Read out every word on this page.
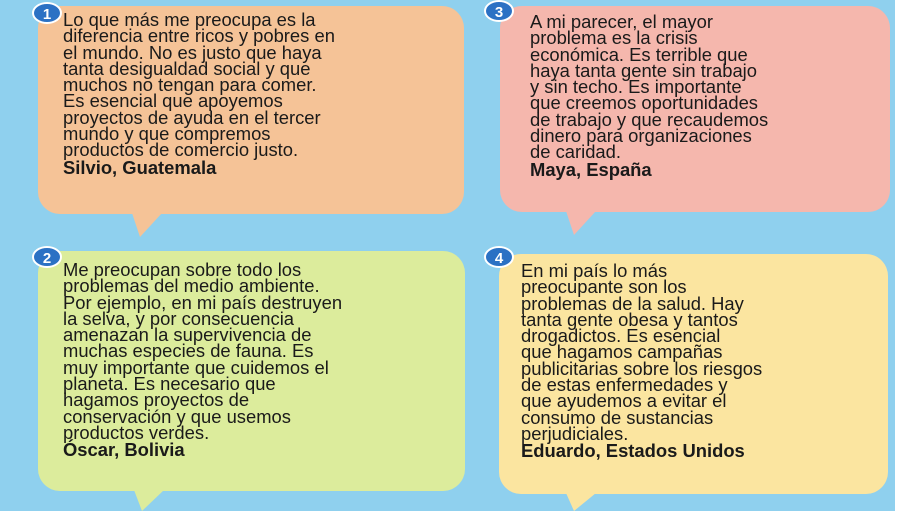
Lo que más me preocupa es la
diferencia entre ricos y pobres en
el mundo. No es justo que haya
tanta desigualdad social y que
muchos no tengan para comer.
Es esencial que apoyemos
proyectos de ayuda en el tercer
mundo y que compremos
productos de comercio justo.
Silvio, Guatemala
1	A mi parecer, el mayor
problema es la crisis
económica. Es terrible que
haya tanta gente sin trabajo
y sin techo. Es importante
que creemos oportunidades
de trabajo y que recaudemos
dinero para organizaciones
de caridad.
Maya, España
3
Me preocupan sobre todo los
problemas del medio ambiente.
Por ejemplo, en mi país destruyen
la selva, y por consecuencia
amenazan la supervivencia de
muchas especies de fauna. Es
muy importante que cuidemos el
planeta. Es necesario que
hagamos proyectos de
conservación y que usemos
productos verdes.
Óscar, Bolivia
2
En mi país lo más
preocupante son los
problemas de la salud. Hay
tanta gente obesa y tantos
drogadictos. Es esencial
que hagamos campañas
publicitarias sobre los riesgos
de estas enfermedades y
que ayudemos a evitar el
consumo de sustancias
perjudiciales.
Eduardo, Estados Unidos
4
